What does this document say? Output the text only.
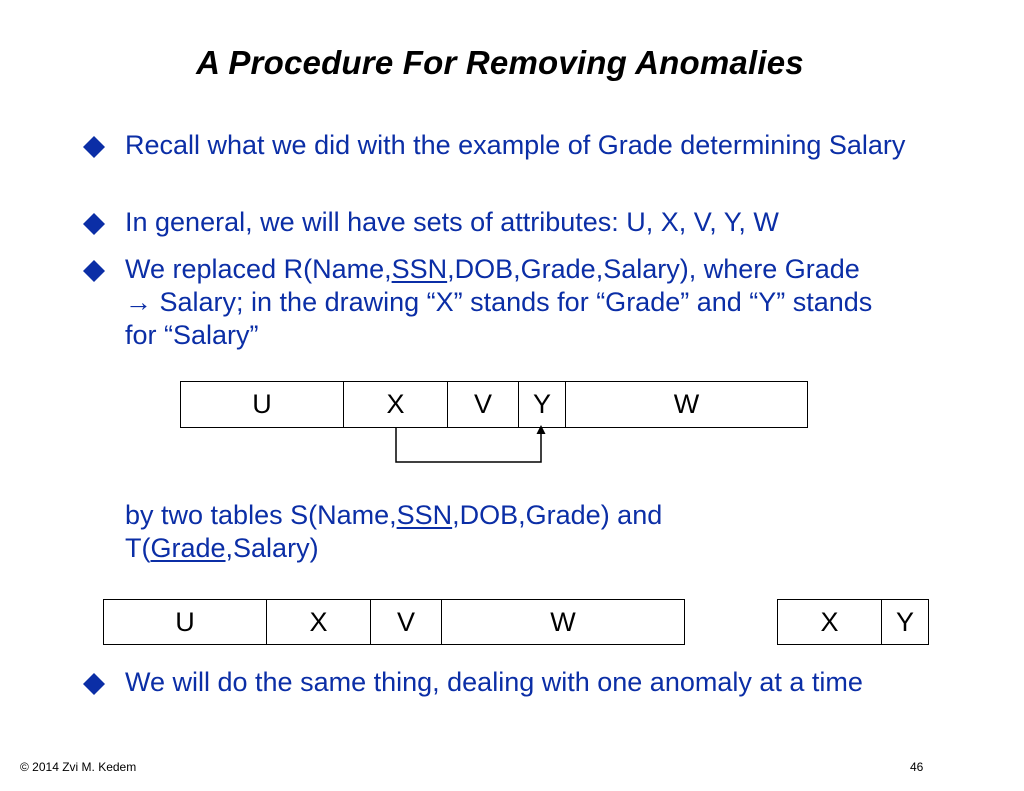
A Procedure For Removing Anomalies
Recall what we did with the example of Grade determining Salary
In general, we will have sets of attributes: U, X, V, Y, W
We replaced R(Name,SSN,DOB,Grade,Salary), where Grade → Salary; in the drawing “X” stands for “Grade” and “Y” stands for “Salary”
U	X	V	Y	W
by two tables S(Name,SSN,DOB,Grade) and
T(Grade,Salary)
U	X	V	W	X	Y
We will do the same thing, dealing with one anomaly at a time
© 2014 Zvi M. Kedem	46
